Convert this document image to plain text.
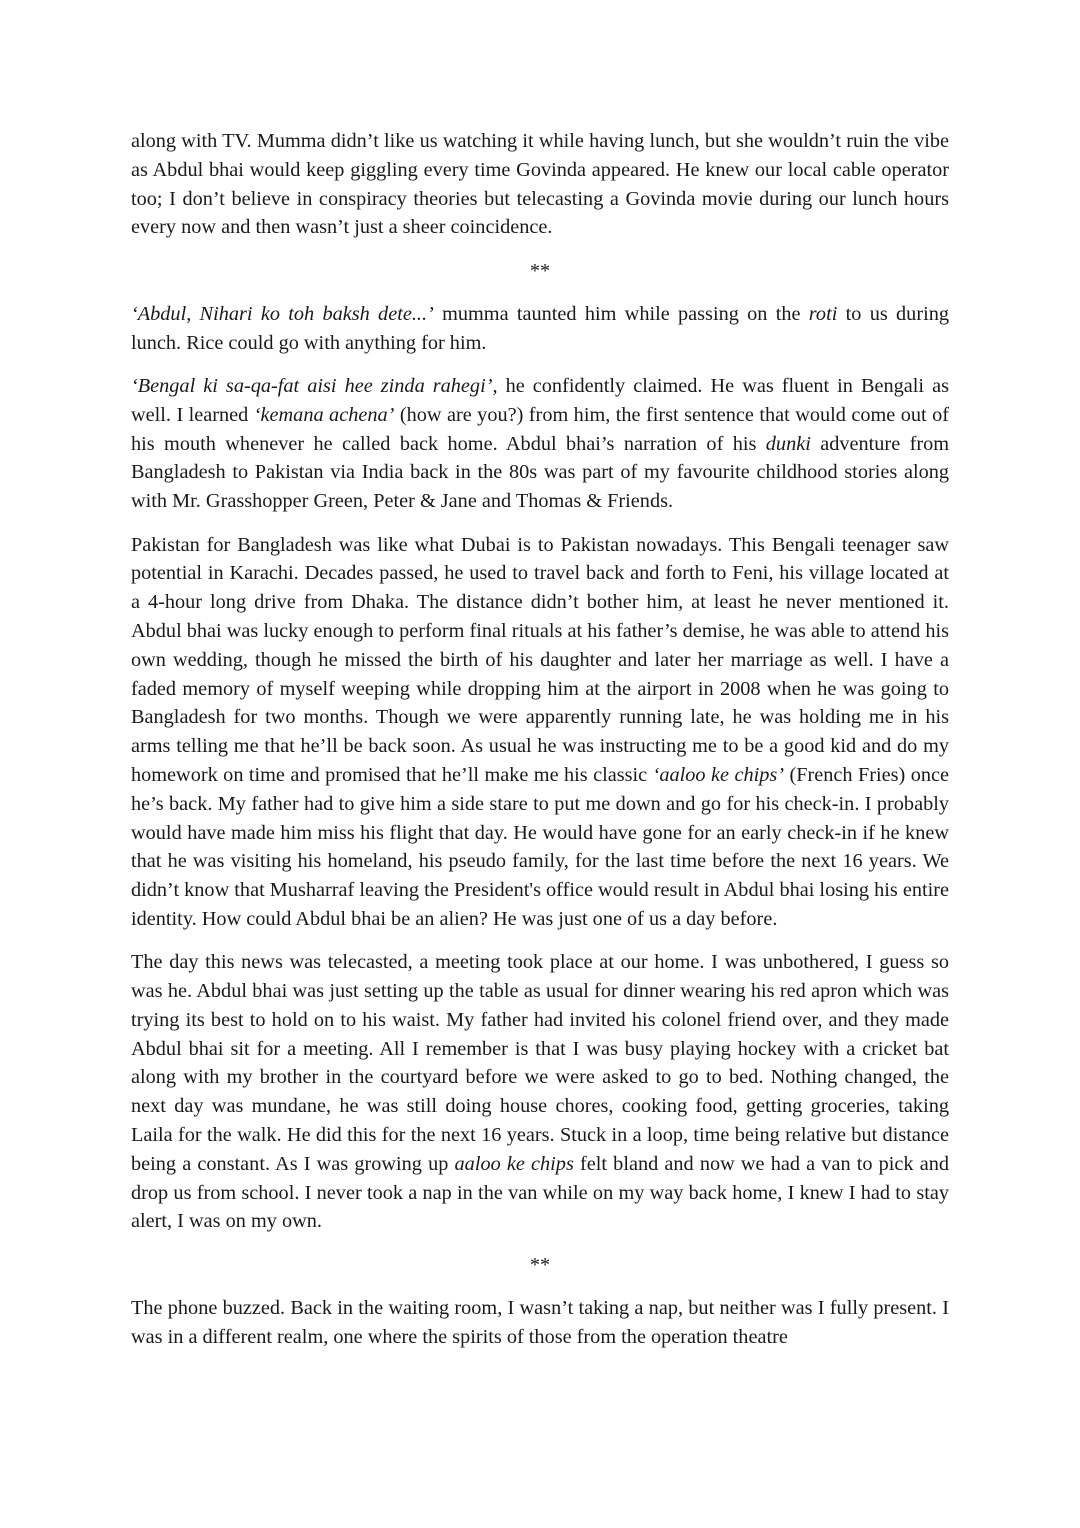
along with TV. Mumma didn’t like us watching it while having lunch, but she wouldn’t ruin the vibe as Abdul bhai would keep giggling every time Govinda appeared. He knew our local cable operator too; I don’t believe in conspiracy theories but telecasting a Govinda movie during our lunch hours every now and then wasn’t just a sheer coincidence.

**

‘Abdul, Nihari ko toh baksh dete...’ mumma taunted him while passing on the roti to us during lunch. Rice could go with anything for him.

‘Bengal ki sa-qa-fat aisi hee zinda rahegi’, he confidently claimed. He was fluent in Bengali as well. I learned ‘kemana achena’ (how are you?) from him, the first sentence that would come out of his mouth whenever he called back home. Abdul bhai’s narration of his dunki adventure from Bangladesh to Pakistan via India back in the 80s was part of my favourite childhood stories along with Mr. Grasshopper Green, Peter & Jane and Thomas & Friends.

Pakistan for Bangladesh was like what Dubai is to Pakistan nowadays. This Bengali teenager saw potential in Karachi. Decades passed, he used to travel back and forth to Feni, his village located at a 4-hour long drive from Dhaka. The distance didn’t bother him, at least he never mentioned it. Abdul bhai was lucky enough to perform final rituals at his father’s demise, he was able to attend his own wedding, though he missed the birth of his daughter and later her marriage as well. I have a faded memory of myself weeping while dropping him at the airport in 2008 when he was going to Bangladesh for two months. Though we were apparently running late, he was holding me in his arms telling me that he’ll be back soon. As usual he was instructing me to be a good kid and do my homework on time and promised that he’ll make me his classic ‘aaloo ke chips’ (French Fries) once he’s back. My father had to give him a side stare to put me down and go for his check-in. I probably would have made him miss his flight that day. He would have gone for an early check-in if he knew that he was visiting his homeland, his pseudo family, for the last time before the next 16 years. We didn’t know that Musharraf leaving the President's office would result in Abdul bhai losing his entire identity. How could Abdul bhai be an alien? He was just one of us a day before.

The day this news was telecasted, a meeting took place at our home. I was unbothered, I guess so was he. Abdul bhai was just setting up the table as usual for dinner wearing his red apron which was trying its best to hold on to his waist. My father had invited his colonel friend over, and they made Abdul bhai sit for a meeting. All I remember is that I was busy playing hockey with a cricket bat along with my brother in the courtyard before we were asked to go to bed. Nothing changed, the next day was mundane, he was still doing house chores, cooking food, getting groceries, taking Laila for the walk. He did this for the next 16 years. Stuck in a loop, time being relative but distance being a constant. As I was growing up aaloo ke chips felt bland and now we had a van to pick and drop us from school. I never took a nap in the van while on my way back home, I knew I had to stay alert, I was on my own.

**

The phone buzzed. Back in the waiting room, I wasn’t taking a nap, but neither was I fully present. I was in a different realm, one where the spirits of those from the operation theatre
